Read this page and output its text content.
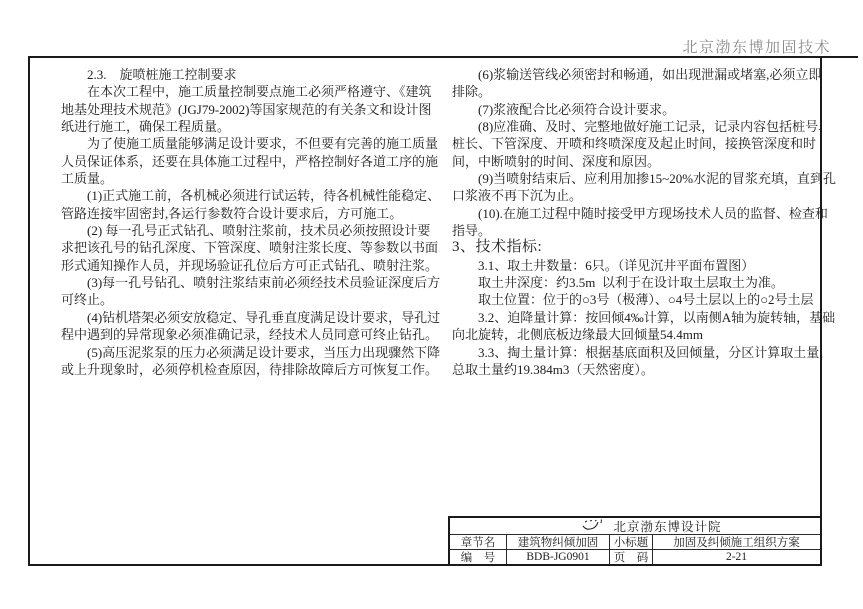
北京渤东博加固技术
　　2.3.　旋喷桩施工控制要求
　　在本次工程中，施工质量控制要点施工必须严格遵守、《建筑
地基处理技术规范》(JGJ79-2002)等国家规范的有关条文和设计图
纸进行施工，确保工程质量。
　　为了使施工质量能够满足设计要求，不但要有完善的施工质量
人员保证体系，还要在具体施工过程中，严格控制好各道工序的施
工质量。
　　(1)正式施工前，各机械必须进行试运转，待各机械性能稳定、
管路连接牢固密封,各运行参数符合设计要求后，方可施工。
　　(2) 每一孔号正式钻孔、喷射注浆前，技术员必须按照设计要
求把该孔号的钻孔深度、下管深度、喷射注浆长度、等参数以书面
形式通知操作人员，并现场验证孔位后方可正式钻孔、喷射注浆。
　　(3)每一孔号钻孔、喷射注浆结束前必须经技术员验证深度后方
可终止。
　　(4)钻机塔架必须安放稳定、导孔垂直度满足设计要求，导孔过
程中遇到的异常现象必须准确记录，经技术人员同意可终止钻孔。
　　(5)高压泥浆泵的压力必须满足设计要求，当压力出现骤然下降
或上升现象时，必须停机检查原因，待排除故障后方可恢复工作。
　　(6)浆输送管线必须密封和畅通，如出现泄漏或堵塞,必须立即
排除。
　　(7)浆液配合比必须符合设计要求。
　　(8)应准确、及时、完整地做好施工记录，记录内容包括桩号、
桩长、下管深度、开喷和终喷深度及起止时间，接换管深度和时
间，中断喷射的时间、深度和原因。
　　(9)当喷射结束后、应利用加掺15~20%水泥的冒浆充填，直到孔
口浆液不再下沉为止。
　　(10).在施工过程中随时接受甲方现场技术人员的监督、检查和
指导。
3、技术指标:
　　3.1、取土井数量：6只。（详见沉井平面布置图）
　　取土井深度：约3.5m  以利于在设计取土层取土为准。
　　取土位置：位于的○3号（极薄）、○4号土层以上的○2号土层
　　3.2、迫降量计算：按回倾4‰计算，以南侧A轴为旋转轴，基础
向北旋转，北侧底板边缘最大回倾量54.4mm
　　3.3、掏土量计算：根据基底面积及回倾量，分区计算取土量，
总取土量约19.384m3（天然密度）。

北京渤东博设计院
章节名	建筑物纠倾加固	小标题	加固及纠倾施工组织方案
编　号	BDB-JG0901	页　码	2-21
